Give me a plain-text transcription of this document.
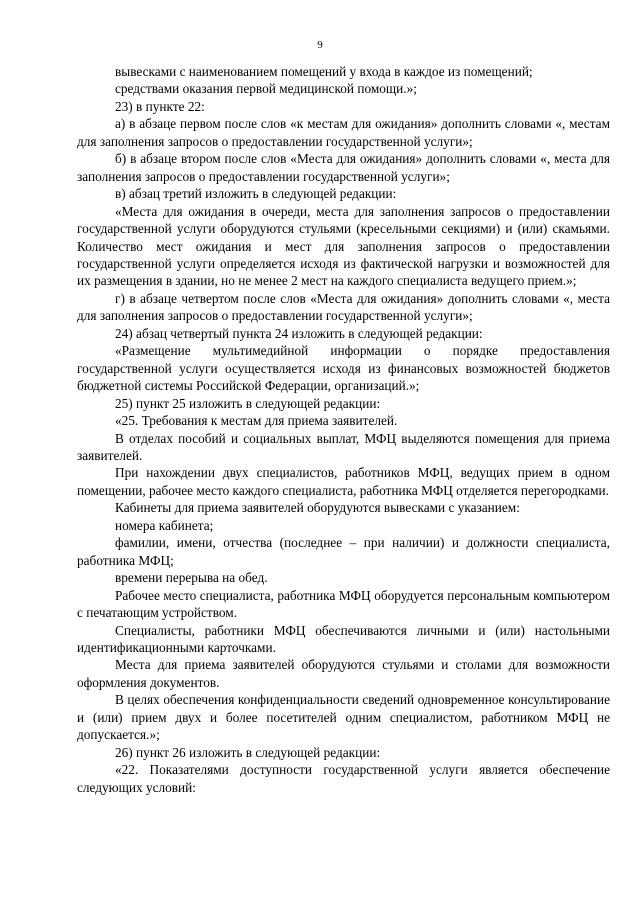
9

вывесками с наименованием помещений у входа в каждое из помещений;

средствами оказания первой медицинской помощи.»;

23) в пункте 22:

а) в абзаце первом после слов «к местам для ожидания» дополнить словами «, местам для заполнения запросов о предоставлении государственной услуги»;

б) в абзаце втором после слов «Места для ожидания» дополнить словами «, места для заполнения запросов о предоставлении государственной услуги»;

в) абзац третий изложить в следующей редакции:

«Места для ожидания в очереди, места для заполнения запросов о предоставлении государственной услуги оборудуются стульями (кресельными секциями) и (или) скамьями. Количество мест ожидания и мест для заполнения запросов о предоставлении государственной услуги определяется исходя из фактической нагрузки и возможностей для их размещения в здании, но не менее 2 мест на каждого специалиста ведущего прием.»;

г) в абзаце четвертом после слов «Места для ожидания» дополнить словами «, места для заполнения запросов о предоставлении государственной услуги»;

24) абзац четвертый пункта 24 изложить в следующей редакции:

«Размещение мультимедийной информации о порядке предоставления государственной услуги осуществляется исходя из финансовых возможностей бюджетов бюджетной системы Российской Федерации, организаций.»;

25) пункт 25 изложить в следующей редакции:

«25. Требования к местам для приема заявителей.

В отделах пособий и социальных выплат, МФЦ выделяются помещения для приема заявителей.

При нахождении двух специалистов, работников МФЦ, ведущих прием в одном помещении, рабочее место каждого специалиста, работника МФЦ отделяется перегородками.

Кабинеты для приема заявителей оборудуются вывесками с указанием:

номера кабинета;

фамилии, имени, отчества (последнее – при наличии) и должности специалиста, работника МФЦ;

времени перерыва на обед.

Рабочее место специалиста, работника МФЦ оборудуется персональным компьютером с печатающим устройством.

Специалисты, работники МФЦ обеспечиваются личными и (или) настольными идентификационными карточками.

Места для приема заявителей оборудуются стульями и столами для возможности оформления документов.

В целях обеспечения конфиденциальности сведений одновременное консультирование и (или) прием двух и более посетителей одним специалистом, работником МФЦ не допускается.»;

26) пункт 26 изложить в следующей редакции:

«22. Показателями доступности государственной услуги является обеспечение следующих условий:
